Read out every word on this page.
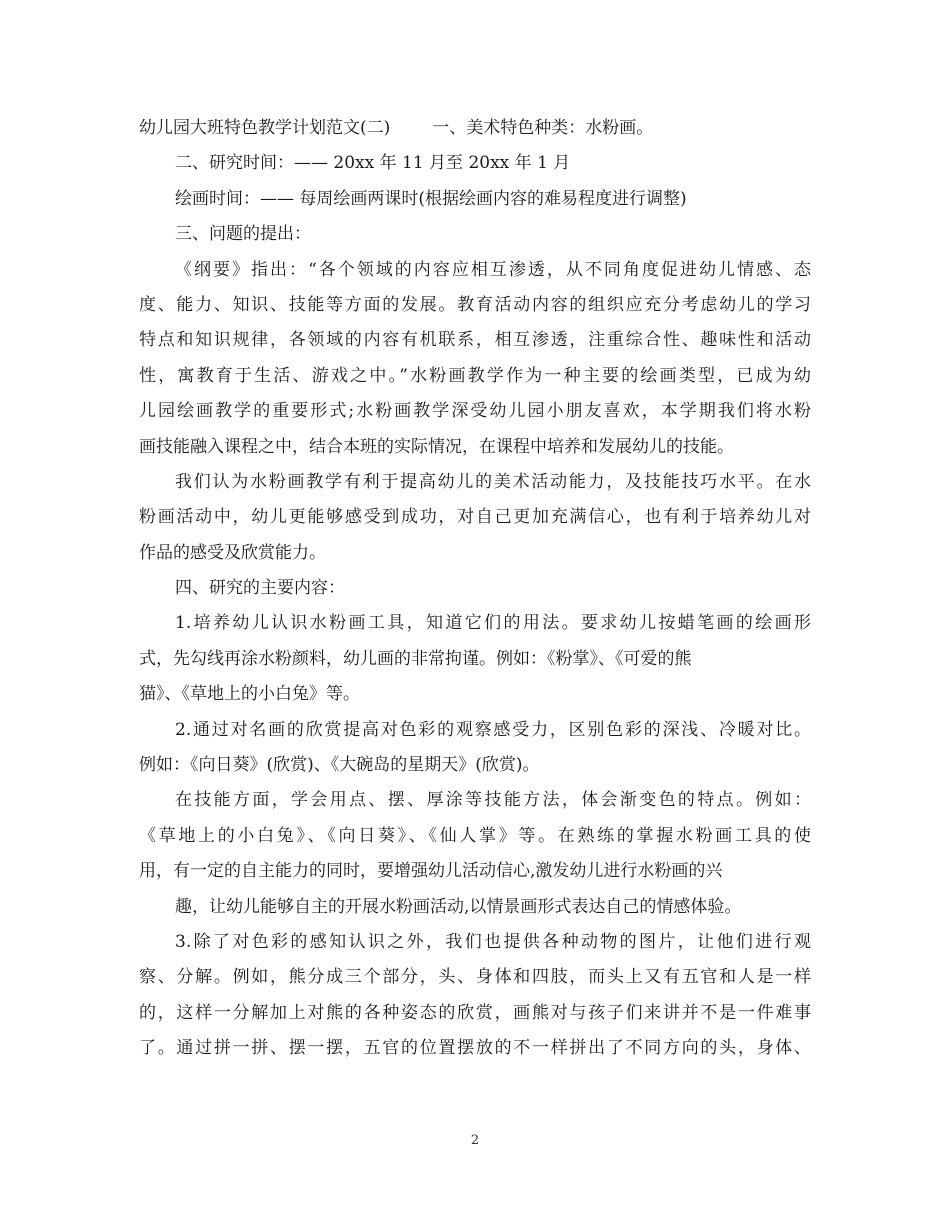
幼儿园大班特色教学计划范文(二) 一、美术特色种类：水粉画。
二、研究时间：—— 20xx 年 11 月至 20xx 年 1 月
绘画时间：—— 每周绘画两课时(根据绘画内容的难易程度进行调整)
三、问题的提出：
《纲要》指出：“各个领域的内容应相互渗透，从不同角度促进幼儿情感、态
度、能力、知识、技能等方面的发展。教育活动内容的组织应充分考虑幼儿的学习
特点和知识规律，各领域的内容有机联系，相互渗透，注重综合性、趣味性和活动
性，寓教育于生活、游戏之中。”水粉画教学作为一种主要的绘画类型，已成为幼
儿园绘画教学的重要形式;水粉画教学深受幼儿园小朋友喜欢，本学期我们将水粉
画技能融入课程之中，结合本班的实际情况，在课程中培养和发展幼儿的技能。
我们认为水粉画教学有利于提高幼儿的美术活动能力，及技能技巧水平。在水
粉画活动中，幼儿更能够感受到成功，对自己更加充满信心，也有利于培养幼儿对
作品的感受及欣赏能力。
四、研究的主要内容：
1.培养幼儿认识水粉画工具，知道它们的用法。要求幼儿按蜡笔画的绘画形
式，先勾线再涂水粉颜料，幼儿画的非常拘谨。例如：《粉掌》、《可爱的熊
猫》、《草地上的小白兔》等。
2.通过对名画的欣赏提高对色彩的观察感受力，区别色彩的深浅、冷暖对比。
例如：《向日葵》(欣赏)、《大碗岛的星期天》(欣赏)。
在技能方面，学会用点、摆、厚涂等技能方法，体会渐变色的特点。例如：
《草地上的小白兔》、《向日葵》、《仙人掌》等。在熟练的掌握水粉画工具的使
用，有一定的自主能力的同时，要增强幼儿活动信心,激发幼儿进行水粉画的兴
趣，让幼儿能够自主的开展水粉画活动,以情景画形式表达自己的情感体验。
3.除了对色彩的感知认识之外，我们也提供各种动物的图片，让他们进行观
察、分解。例如，熊分成三个部分，头、身体和四肢，而头上又有五官和人是一样
的，这样一分解加上对熊的各种姿态的欣赏，画熊对与孩子们来讲并不是一件难事
了。通过拼一拼、摆一摆，五官的位置摆放的不一样拼出了不同方向的头，身体、
2
